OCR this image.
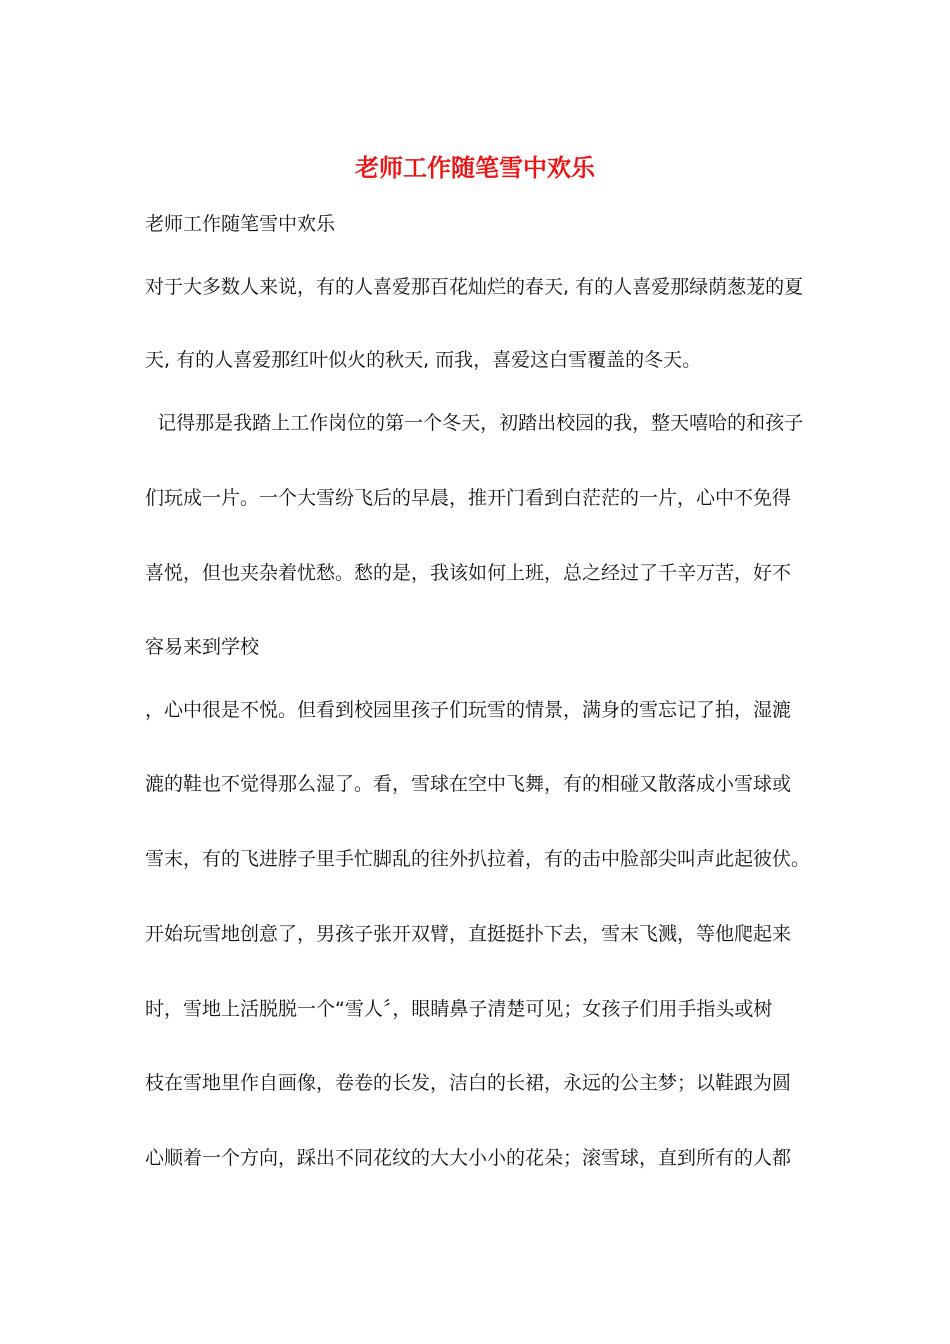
老师工作随笔雪中欢乐
老师工作随笔雪中欢乐
对于大多数人来说，有的人喜爱那百花灿烂的春天, 有的人喜爱那绿荫葱茏的夏
天, 有的人喜爱那红叶似火的秋天, 而我，喜爱这白雪覆盖的冬天。
记得那是我踏上工作岗位的第一个冬天，初踏出校园的我，整天嘻哈的和孩子
们玩成一片。一个大雪纷飞后的早晨，推开门看到白茫茫的一片，心中不免得
喜悦，但也夹杂着忧愁。愁的是，我该如何上班，总之经过了千辛万苦，好不
容易来到学校
，心中很是不悦。但看到校园里孩子们玩雪的情景，满身的雪忘记了拍，湿漉
漉的鞋也不觉得那么湿了。看，雪球在空中飞舞，有的相碰又散落成小雪球或
雪末，有的飞进脖子里手忙脚乱的往外扒拉着，有的击中脸部尖叫声此起彼伏。
开始玩雪地创意了，男孩子张开双臂，直挺挺扑下去，雪末飞溅，等他爬起来
时，雪地上活脱脱一个“雪人〞，眼睛鼻子清楚可见；女孩子们用手指头或树
枝在雪地里作自画像，卷卷的长发，洁白的长裙，永远的公主梦；以鞋跟为圆
心顺着一个方向，踩出不同花纹的大大小小的花朵；滚雪球，直到所有的人都
